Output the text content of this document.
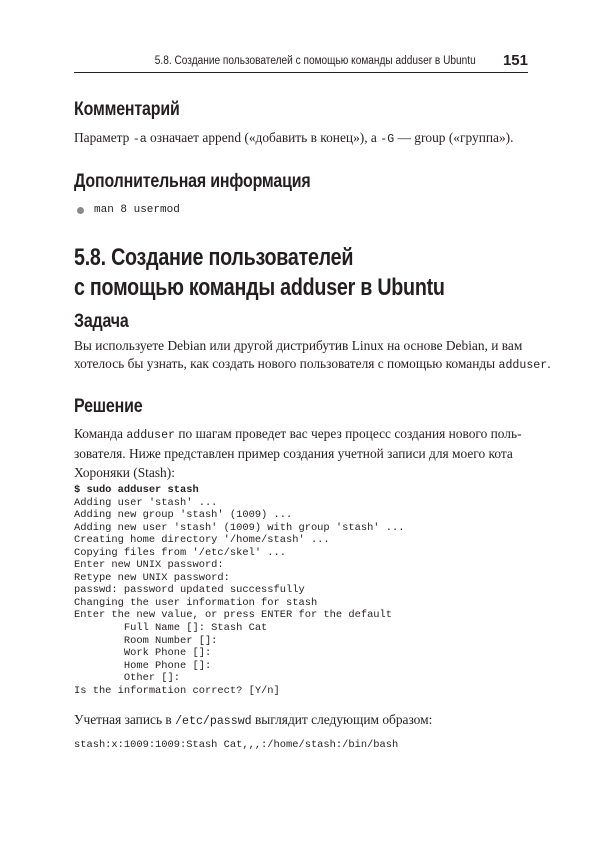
5.8. Создание пользователей с помощью команды adduser в Ubuntu 151
Комментарий

Параметр -a означает append («добавить в конец»), а -G — group («группа»).

Дополнительная информация
man 8 usermod
5.8. Создание пользователей
с помощью команды adduser в Ubuntu
Задача

Вы используете Debian или другой дистрибутив Linux на основе Debian, и вам
хотелось бы узнать, как создать нового пользователя с помощью команды adduser.

Решение

Команда adduser по шагам проведет вас через процесс создания нового поль-
зователя. Ниже представлен пример создания учетной записи для моего кота
Хороняки (Stash):

$ sudo adduser stash
Adding user 'stash' ...
Adding new group 'stash' (1009) ...
Adding new user 'stash' (1009) with group 'stash' ...
Creating home directory '/home/stash' ...
Copying files from '/etc/skel' ...
Enter new UNIX password:
Retype new UNIX password:
passwd: password updated successfully
Changing the user information for stash
Enter the new value, or press ENTER for the default
Full Name []: Stash Cat
Room Number []:
Work Phone []:
Home Phone []:
Other []:
Is the information correct? [Y/n]

Учетная запись в /etc/passwd выглядит следующим образом:

stash:x:1009:1009:Stash Cat,,,:/home/stash:/bin/bash
